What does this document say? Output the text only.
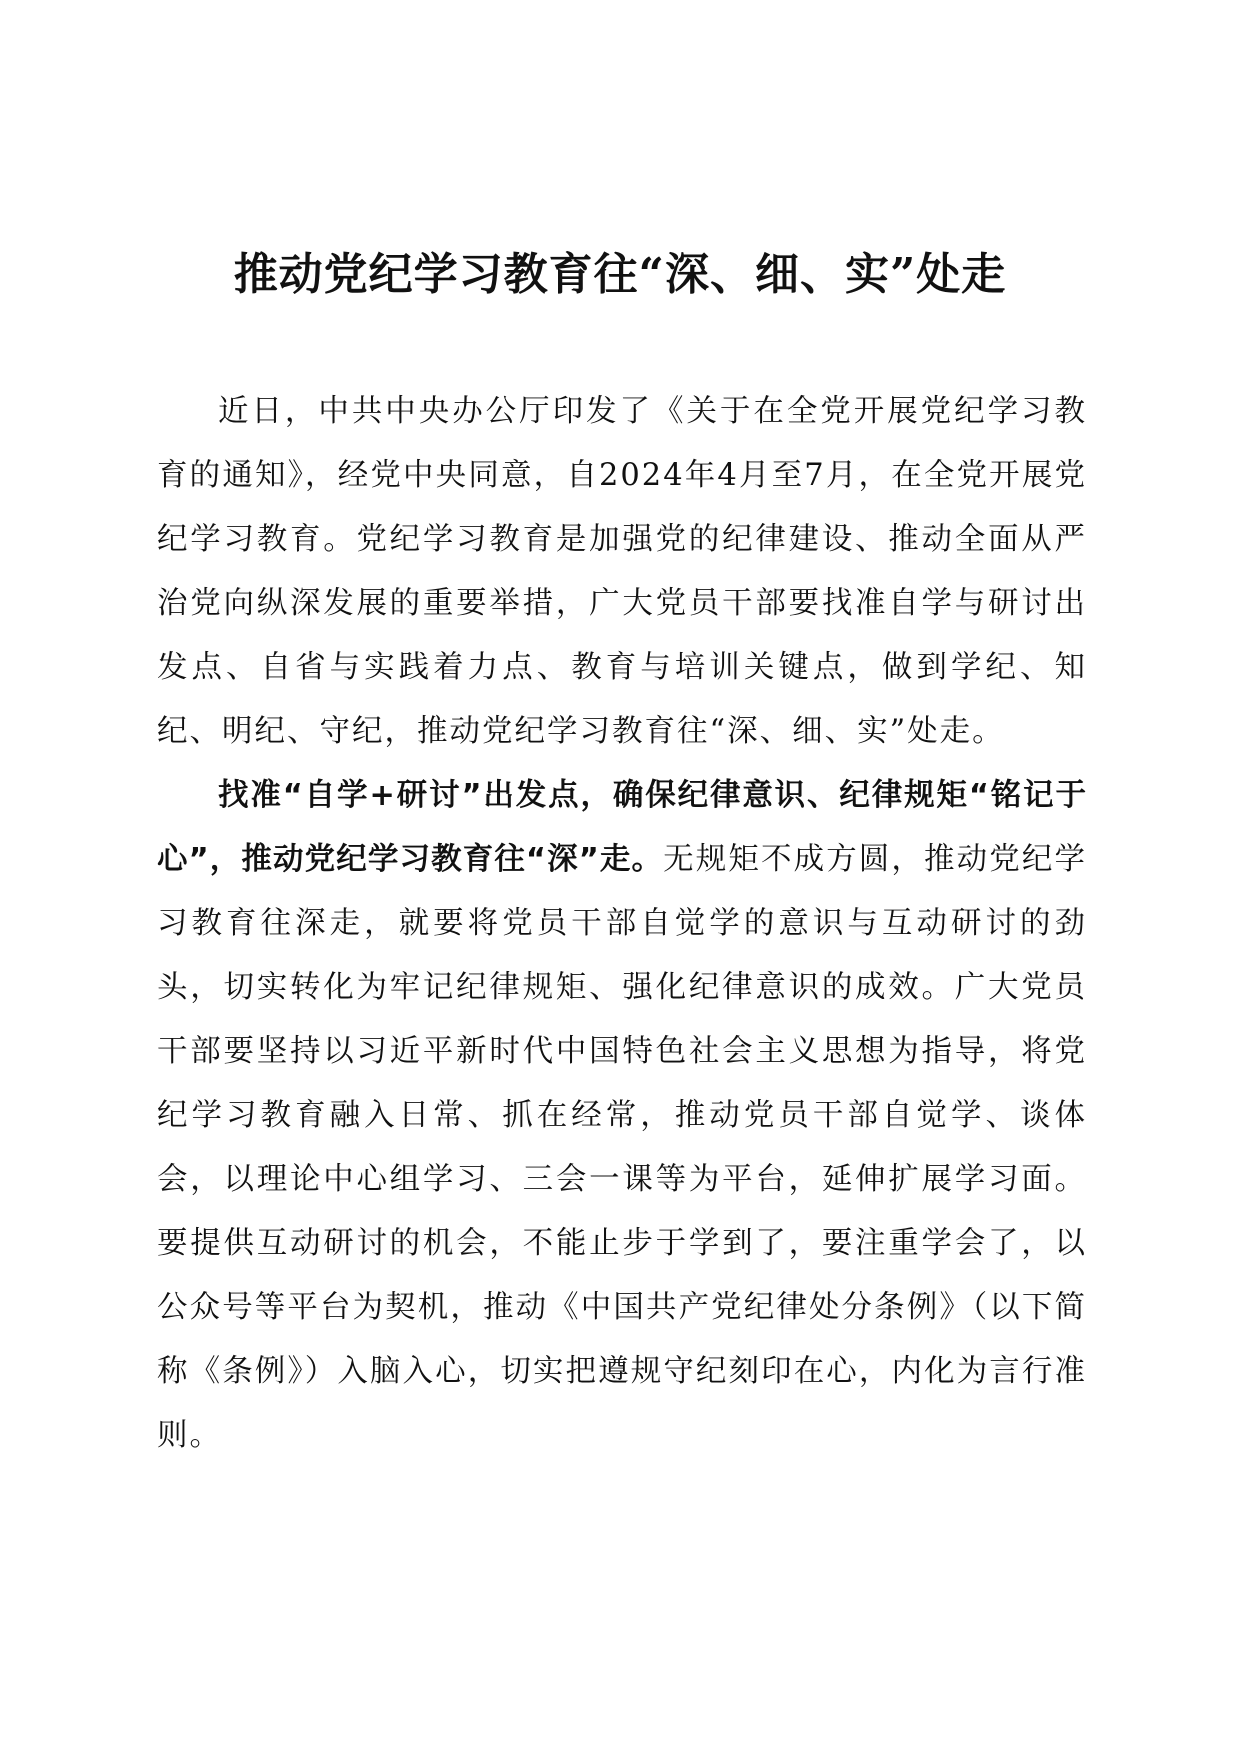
推动党纪学习教育往“深、细、实”处走

近日，中共中央办公厅印发了《关于在全党开展党纪学习教育的通知》，经党中央同意，自2024年4月至7月，在全党开展党纪学习教育。党纪学习教育是加强党的纪律建设、推动全面从严治党向纵深发展的重要举措，广大党员干部要找准自学与研讨出发点、自省与实践着力点、教育与培训关键点，做到学纪、知纪、明纪、守纪，推动党纪学习教育往“深、细、实”处走。

找准“自学+研讨”出发点，确保纪律意识、纪律规矩“铭记于心”，推动党纪学习教育往“深”走。无规矩不成方圆，推动党纪学习教育往深走，就要将党员干部自觉学的意识与互动研讨的劲头，切实转化为牢记纪律规矩、强化纪律意识的成效。广大党员干部要坚持以习近平新时代中国特色社会主义思想为指导，将党纪学习教育融入日常、抓在经常，推动党员干部自觉学、谈体会，以理论中心组学习、三会一课等为平台，延伸扩展学习面。要提供互动研讨的机会，不能止步于学到了，要注重学会了，以公众号等平台为契机，推动《中国共产党纪律处分条例》（以下简称《条例》）入脑入心，切实把遵规守纪刻印在心，内化为言行准则。
